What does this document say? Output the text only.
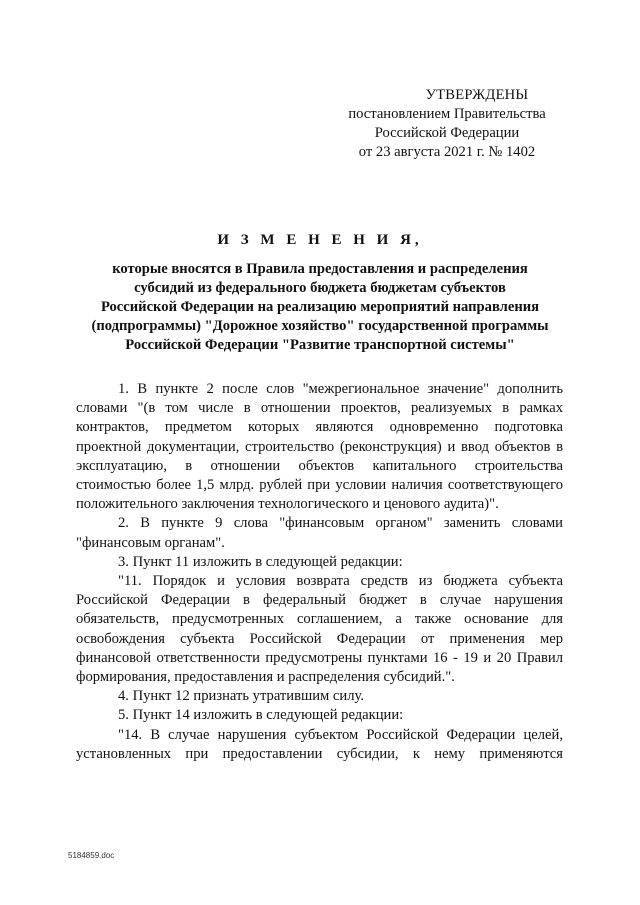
УТВЕРЖДЕНЫ
постановлением Правительства
Российской Федерации
от 23 августа 2021 г. № 1402
И З М Е Н Е Н И Я,
которые вносятся в Правила предоставления и распределения
субсидий из федерального бюджета бюджетам субъектов
Российской Федерации на реализацию мероприятий направления
(подпрограммы) "Дорожное хозяйство" государственной программы
Российской Федерации "Развитие транспортной системы"

1. В пункте 2 после слов "межрегиональное значение" дополнить словами "(в том числе в отношении проектов, реализуемых в рамках контрактов, предметом которых являются одновременно подготовка проектной документации, строительство (реконструкция) и ввод объектов в эксплуатацию, в отношении объектов капитального строительства стоимостью более 1,5 млрд. рублей при условии наличия соответствующего положительного заключения технологического и ценового аудита)".

2. В пункте 9 слова "финансовым органом" заменить словами "финансовым органам".

3. Пункт 11 изложить в следующей редакции:

"11. Порядок и условия возврата средств из бюджета субъекта Российской Федерации в федеральный бюджет в случае нарушения обязательств, предусмотренных соглашением, а также основание для освобождения субъекта Российской Федерации от применения мер финансовой ответственности предусмотрены пунктами 16 - 19 и 20 Правил формирования, предоставления и распределения субсидий.".

4. Пункт 12 признать утратившим силу.

5. Пункт 14 изложить в следующей редакции:

"14. В случае нарушения субъектом Российской Федерации целей, установленных при предоставлении субсидии, к нему применяются

5184859.doc
